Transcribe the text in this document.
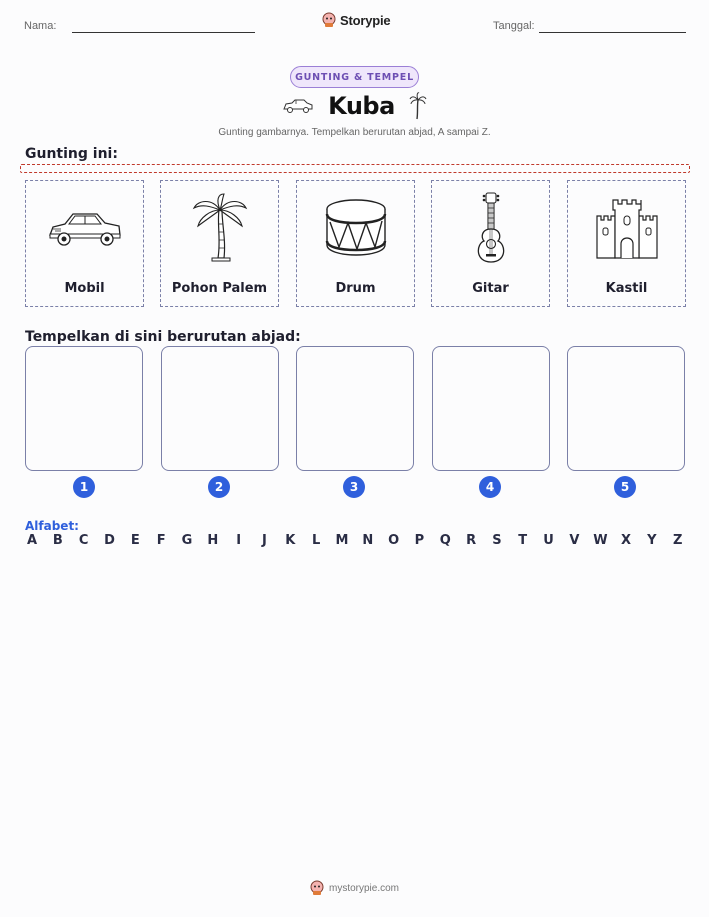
Nama:	Storypie	Tanggal:
GUNTING & TEMPEL
Kuba
Gunting gambarnya. Tempelkan berurutan abjad, A sampai Z.
Gunting ini:
Mobil	Pohon Palem	Drum	Gitar	Kastil
Tempelkan di sini berurutan abjad:
1	2	3	4	5
Alfabet:
A B C D E F G H	I	J	K L M N O P Q R S T U V W X Y Z
mystorypie.com
